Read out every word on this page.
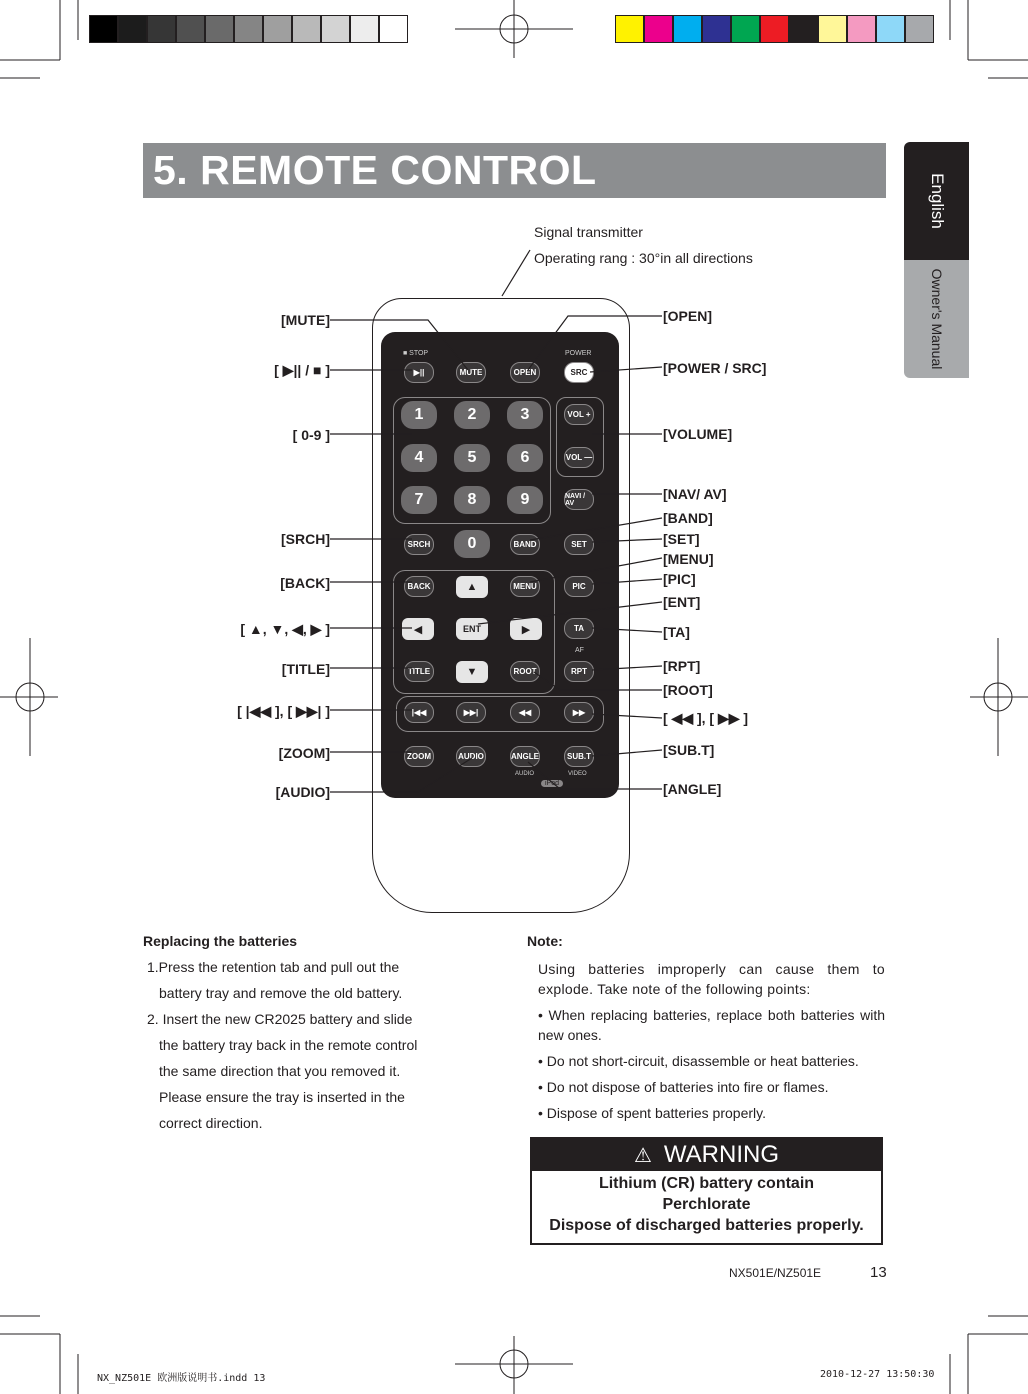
5. REMOTE CONTROL
English
Owner's Manual
Signal transmitter
Operating rang : 30°in all directions
■ STOP	POWER
▶||	MUTE	OPEN	SRC
1	2	3
4	5	6
7	8	9
0
VOL +
VOL —
NAVI / AV
SRCH	BAND	SET
BACK	▲	MENU	PIC
◀	ENT	▶	TA
AF
TITLE	▼	ROOT	RPT
|◀◀	▶▶|	◀◀	▶▶
ZOOM	AUDIO	ANGLE	SUB.T
AUDIO	VIDEO
iPod
[MUTE]
[ ▶|| / ■ ]
[ 0-9 ]
[SRCH]
[BACK]
[ ▲, ▼, ◀, ▶ ]
[TITLE]
[ |◀◀ ], [ ▶▶| ]
[ZOOM]
[AUDIO]
[OPEN]
[POWER / SRC]
[VOLUME]
[NAV/ AV]
[BAND]
[SET]
[MENU]
[PIC]
[ENT]
[TA]
[RPT]
[ROOT]
[ ◀◀ ], [ ▶▶ ]
[SUB.T]
[ANGLE]
Replacing the batteries
1.Press the retention tab and pull out the
battery tray and remove the old battery.
2. Insert the new CR2025 battery and slide
the battery tray back in the remote control
the same direction that you removed it.
Please ensure the tray is inserted in the
correct direction.
Note:
Using batteries improperly can cause them to explode. Take note of the following points:
• When replacing batteries, replace both batteries with new ones.
• Do not short-circuit, disassemble or heat batteries.
• Do not dispose of batteries into fire or flames.
• Dispose of spent batteries properly.
⚠ WARNING
Lithium (CR) battery contain
Perchlorate
Dispose of discharged batteries properly.
NX501E/NZ501E	13
NX_NZ501E 欧洲版说明书.indd 13	2010-12-27 13:50:30
